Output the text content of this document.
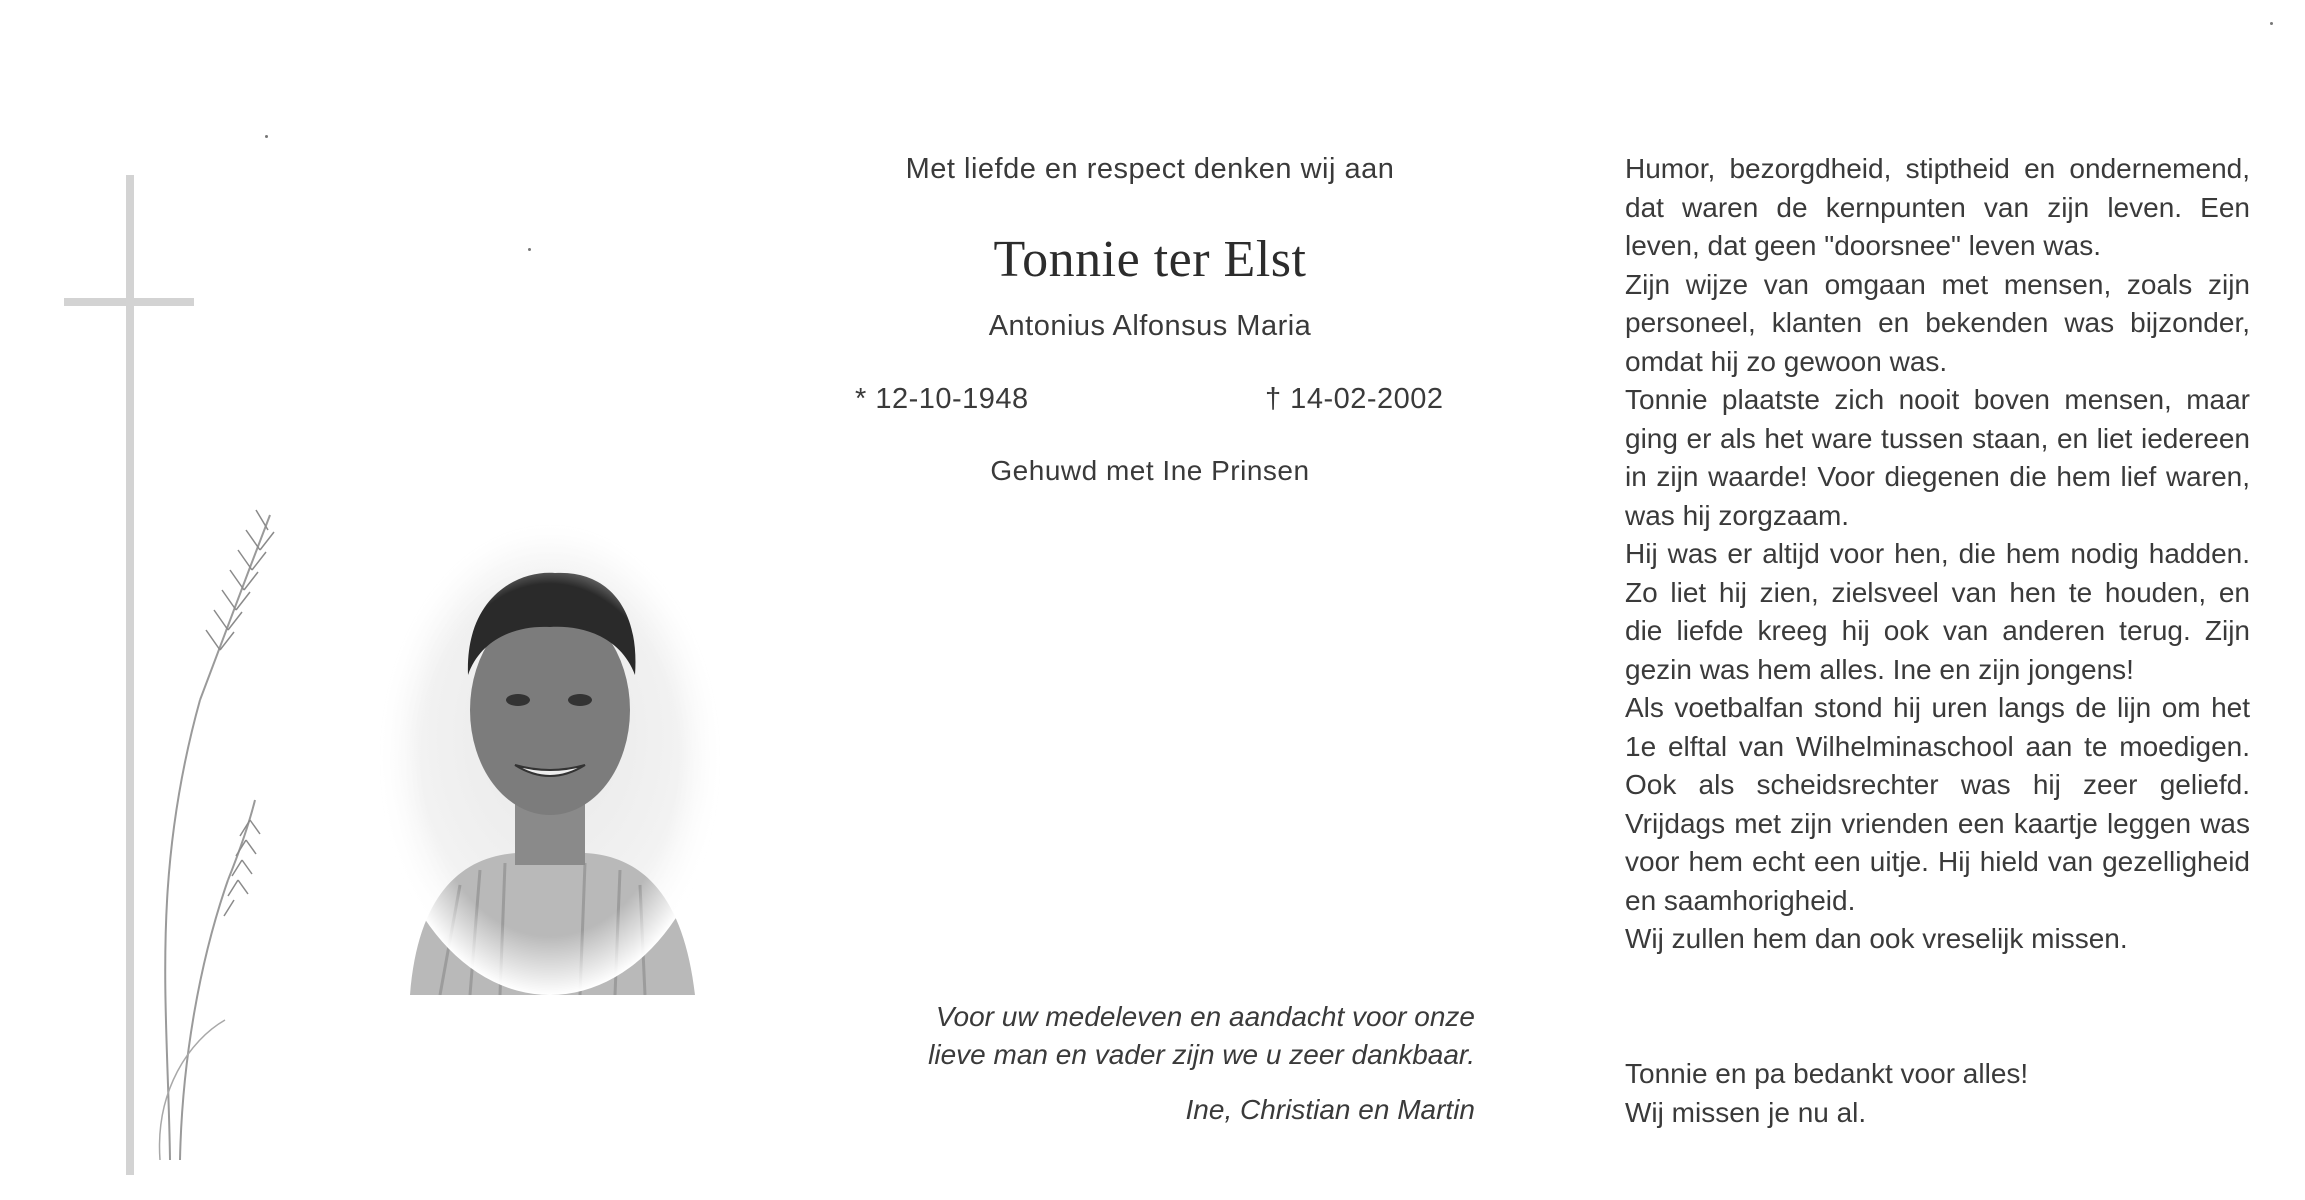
Met liefde en respect denken wij aan
Tonnie ter Elst
Antonius Alfonsus Maria
* 12-10-1948	† 14-02-2002
Gehuwd met Ine Prinsen
Voor uw medeleven en aandacht voor onze
lieve man en vader zijn we u zeer dankbaar.
Ine, Christian en Martin

Humor, bezorgdheid, stiptheid en ondernemend, dat waren de kernpunten van zijn leven. Een leven, dat geen "doorsnee" leven was.

Zijn wijze van omgaan met mensen, zoals zijn personeel, klanten en bekenden was bijzonder, omdat hij zo gewoon was.

Tonnie plaatste zich nooit boven mensen, maar ging er als het ware tussen staan, en liet iedereen in zijn waarde! Voor diegenen die hem lief waren, was hij zorgzaam.

Hij was er altijd voor hen, die hem nodig hadden. Zo liet hij zien, zielsveel van hen te houden, en die liefde kreeg hij ook van anderen terug. Zijn gezin was hem alles. Ine en zijn jongens!

Als voetbalfan stond hij uren langs de lijn om het 1e elftal van Wilhelminaschool aan te moedigen. Ook als scheidsrechter was hij zeer geliefd. Vrijdags met zijn vrienden een kaartje leggen was voor hem echt een uitje. Hij hield van gezelligheid en saamhorigheid.

Wij zullen hem dan ook vreselijk missen.

Tonnie en pa bedankt voor alles!

Wij missen je nu al.
